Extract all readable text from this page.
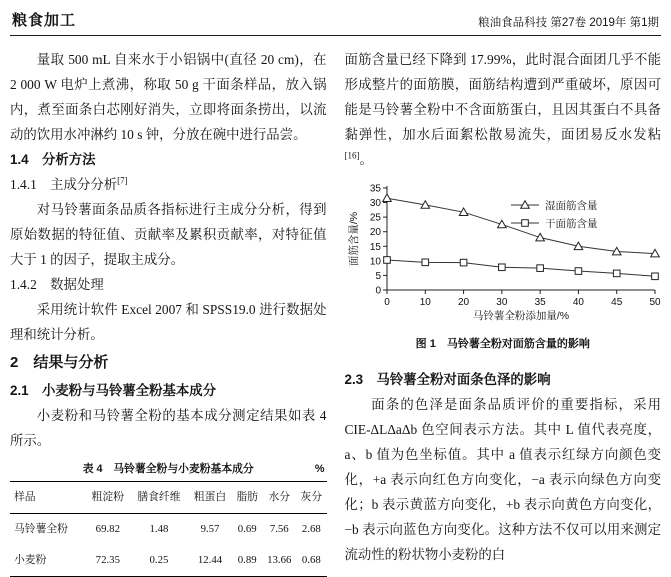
粮食加工	粮油食品科技 第27卷 2019年 第1期

量取 500 mL 自来水于小铝锅中(直径 20 cm)，在 2 000 W 电炉上煮沸，称取 50 g 干面条样品，放入锅内，煮至面条白芯刚好消失，立即将面条捞出，以流动的饮用水冲淋约 10 s 钟，分放在碗中进行品尝。

1.4　分析方法
1.4.1　主成分分析[7]

对马铃薯面条品质各指标进行主成分分析，得到原始数据的特征值、贡献率及累积贡献率，对特征值大于 1 的因子，提取主成分。

1.4.2　数据处理

采用统计软件 Excel 2007 和 SPSS19.0 进行数据处理和统计分析。

2　结果与分析
2.1　小麦粉与马铃薯全粉基本成分

小麦粉和马铃薯全粉的基本成分测定结果如表 4 所示。

表 4　马铃薯全粉与小麦粉基本成分	%
样品	粗淀粉	膳食纤维	粗蛋白	脂肪	水分	灰分
马铃薯全粉	69.82	1.48	9.57	0.69	7.56	2.68
小麦粉	72.35	0.25	12.44	0.89	13.66	0.68

面筋含量已经下降到 17.99%，此时混合面团几乎不能形成整片的面筋膜，面筋结构遭到严重破坏，原因可能是马铃薯全粉中不含面筋蛋白，且因其蛋白不具备黏弹性，加水后面絮松散易流失，面团易反水发粘[16]。

0
5
10
15
20
25
30
35
0	10	20	30	35	40	45	50
马铃薯全粉添加量/%
面筋含量/%
湿面筋含量
干面筋含量
图 1　马铃薯全粉对面筋含量的影响
2.3　马铃薯全粉对面条色泽的影响

面条的色泽是面条品质评价的重要指标，采用 CIE-ΔLΔaΔb 色空间表示方法。其中 L 值代表亮度，a、b 值为色坐标值。其中 a 值表示红绿方向颜色变化，+a 表示向红色方向变化，−a 表示向绿色方向变化；b 表示黄蓝方向变化，+b 表示向黄色方向变化，−b 表示向蓝色方向变化。这种方法不仅可以用来测定流动性的粉状物小麦粉的白
